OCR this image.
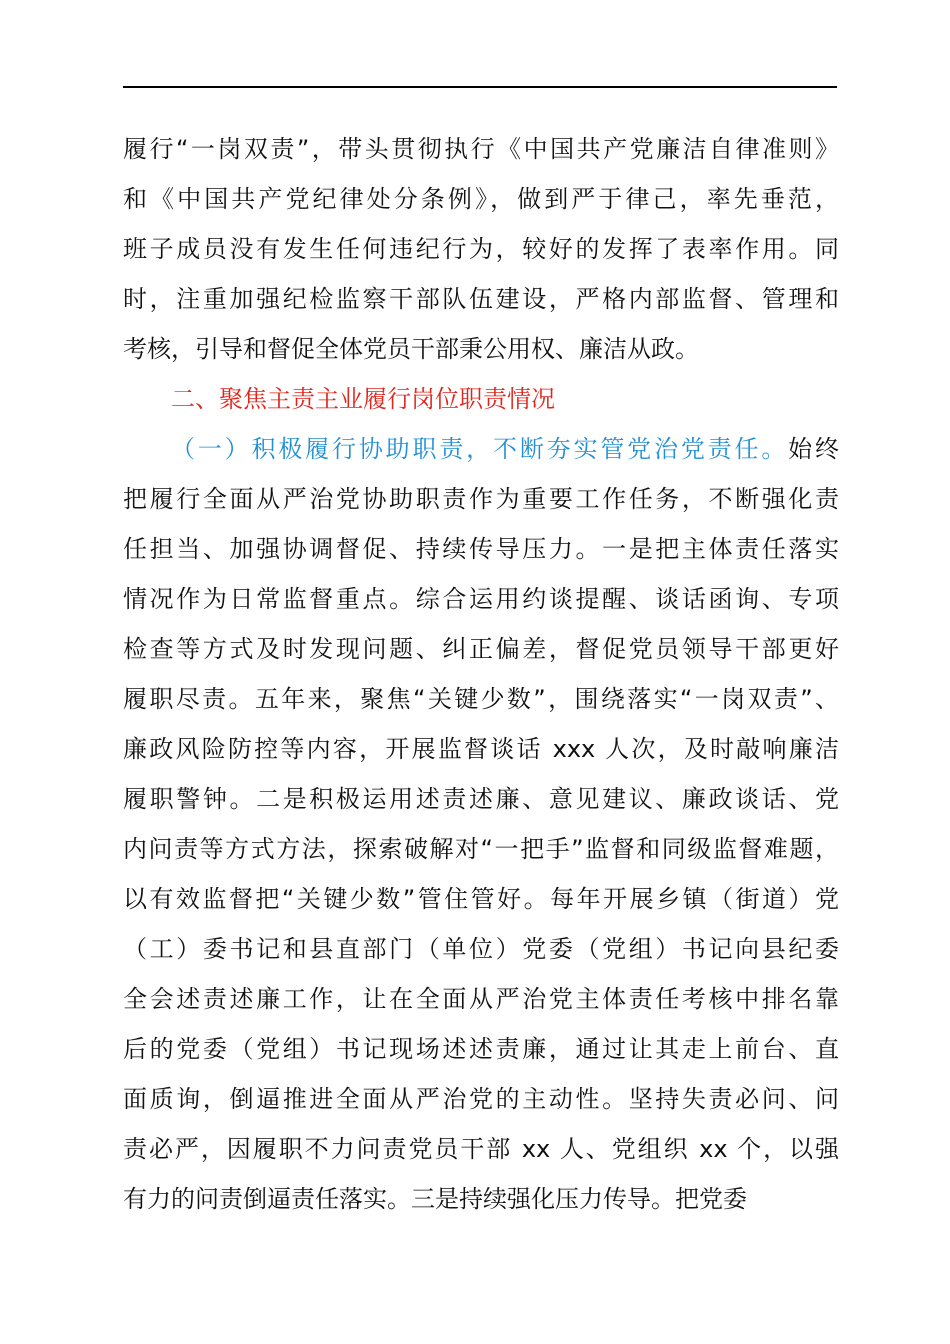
履行“一岗双责”，带头贯彻执行《中国共产党廉洁自律准则》
和《中国共产党纪律处分条例》，做到严于律己，率先垂范，
班子成员没有发生任何违纪行为，较好的发挥了表率作用。同
时，注重加强纪检监察干部队伍建设，严格内部监督、管理和
考核，引导和督促全体党员干部秉公用权、廉洁从政。
二、聚焦主责主业履行岗位职责情况
（一）积极履行协助职责，不断夯实管党治党责任。始终
把履行全面从严治党协助职责作为重要工作任务，不断强化责
任担当、加强协调督促、持续传导压力。一是把主体责任落实
情况作为日常监督重点。综合运用约谈提醒、谈话函询、专项
检查等方式及时发现问题、纠正偏差，督促党员领导干部更好
履职尽责。五年来，聚焦“关键少数”，围绕落实“一岗双责”、
廉政风险防控等内容，开展监督谈话 xxx 人次，及时敲响廉洁
履职警钟。二是积极运用述责述廉、意见建议、廉政谈话、党
内问责等方式方法，探索破解对“一把手”监督和同级监督难题，
以有效监督把“关键少数”管住管好。每年开展乡镇（街道）党
（工）委书记和县直部门（单位）党委（党组）书记向县纪委
全会述责述廉工作，让在全面从严治党主体责任考核中排名靠
后的党委（党组）书记现场述述责廉，通过让其走上前台、直
面质询，倒逼推进全面从严治党的主动性。坚持失责必问、问
责必严，因履职不力问责党员干部 xx 人、党组织 xx 个，以强
有力的问责倒逼责任落实。三是持续强化压力传导。把党委
